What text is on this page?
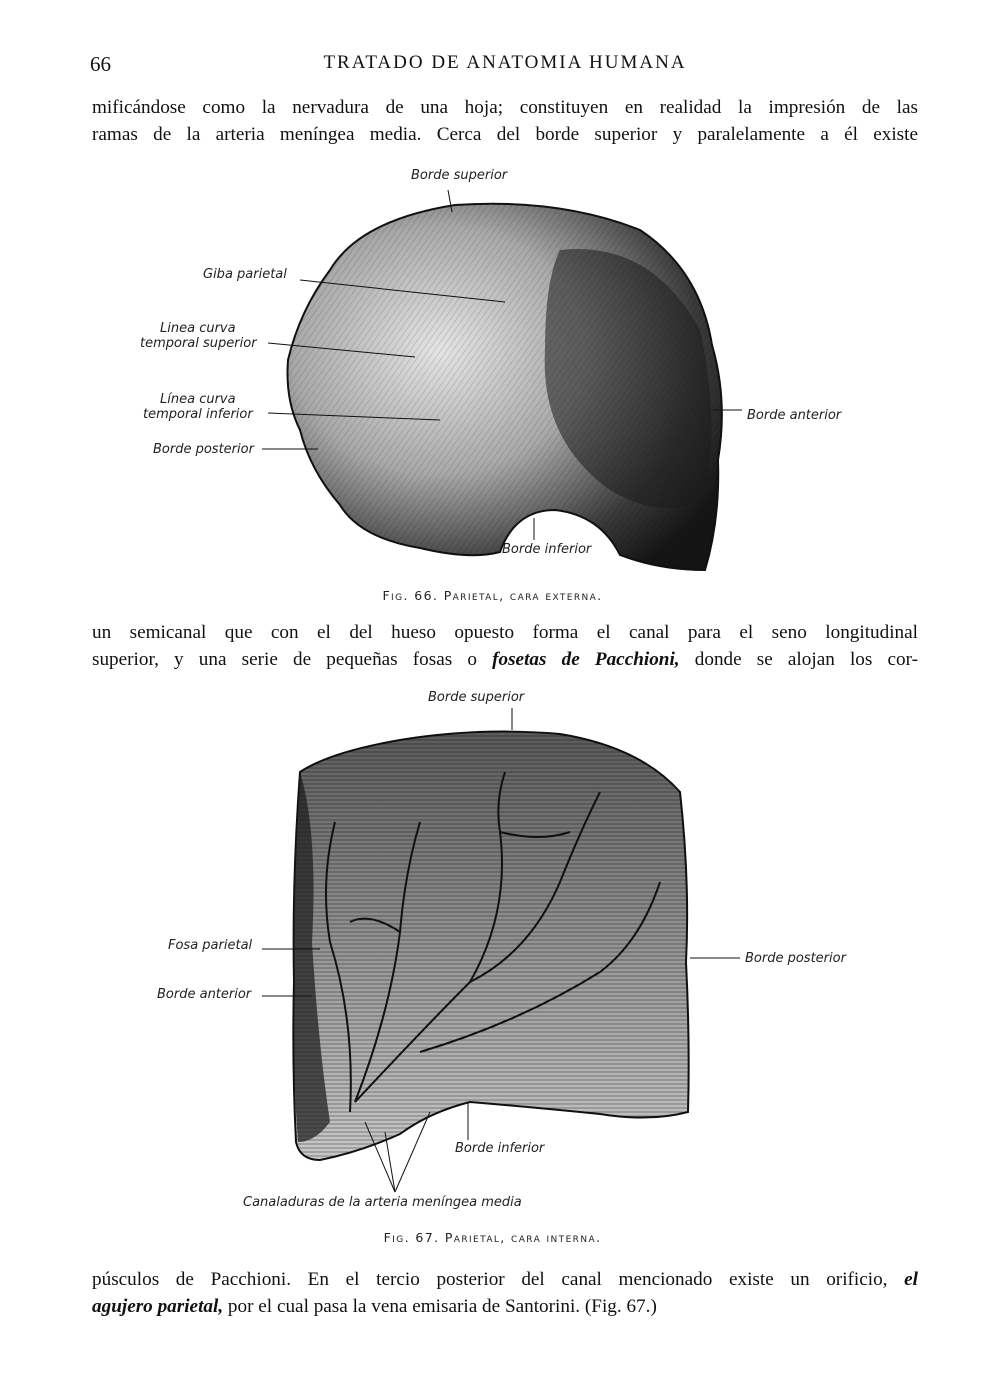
66	TRATADO DE ANATOMIA HUMANA
mificándose como la nervadura de una hoja; constituyen en realidad la impresión de las
ramas de la arteria meníngea media. Cerca del borde superior y paralelamente a él existe
Borde superior
Giba parietal
Linea curva
temporal superior
Línea curva
temporal inferior
Borde posterior
Borde anterior
Borde inferior
Fig. 66. Parietal, cara externa.
un semicanal que con el del hueso opuesto forma el canal para el seno longitudinal
superior, y una serie de pequeñas fosas o fosetas de Pacchioni, donde se alojan los cor-
Borde superior
Fosa parietal
Borde anterior
Borde posterior
Borde inferior
Canaladuras de la arteria meníngea media
Fig. 67. Parietal, cara interna.
púsculos de Pacchioni. En el tercio posterior del canal mencionado existe un orificio, el
agujero parietal, por el cual pasa la vena emisaria de Santorini. (Fig. 67.)
